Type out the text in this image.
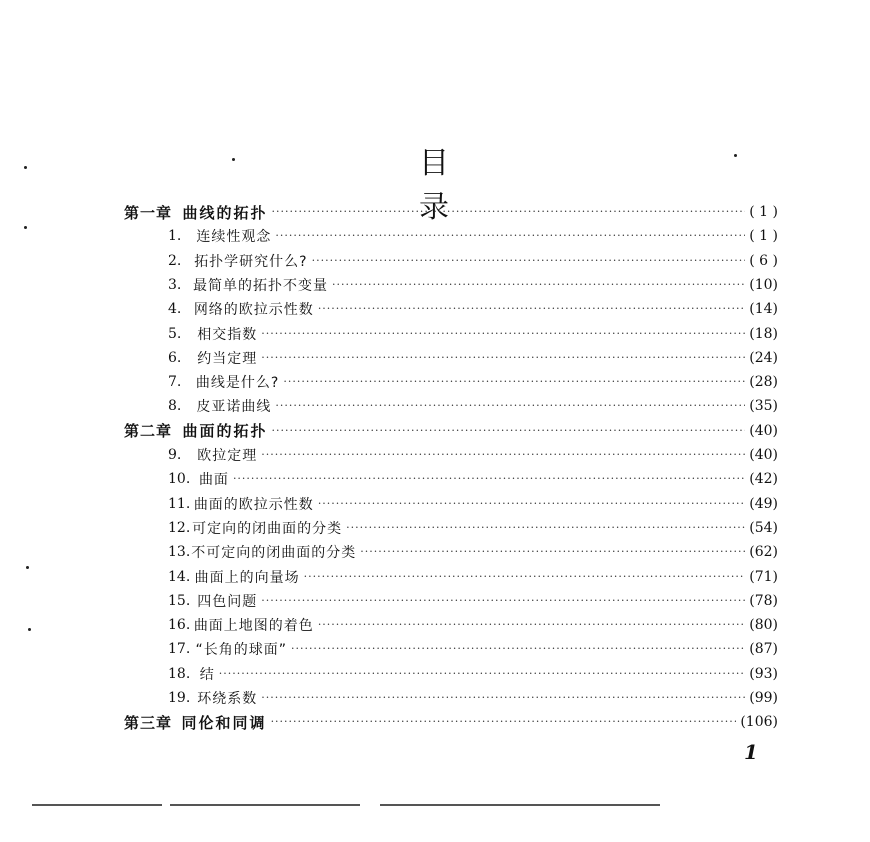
目　录
第一章 曲线的拓扑 ·····	( 1 )
1.	连续性观念 ·····	( 1 )
2. 拓扑学研究什么? ·····	( 6 )
3. 最简单的拓扑不变量 ·····	(10)
4. 网络的欧拉示性数 ·····	(14)
5.	相交指数 ·····	(18)
6.	约当定理 ·····	(24)
7.	曲线是什么? ·····	(28)
8.	皮亚诺曲线 ·····	(35)
第二章 曲面的拓扑 ·····	(40)
9.	欧拉定理 ·····	(40)
10. 曲面 ·····	(42)
11. 曲面的欧拉示性数 ·····	(49)
12. 可定向的闭曲面的分类 ·····	(54)
13. 不可定向的闭曲面的分类 ·····	(62)
14. 曲面上的向量场 ·····	(71)
15. 四色问题 ·····	(78)
16. 曲面上地图的着色 ·····	(80)
17. “长角的球面” ·····	(87)
18. 结 ·····	(93)
19. 环绕系数 ·····	(99)
第三章 同伦和同调 ·····	(106)
1
